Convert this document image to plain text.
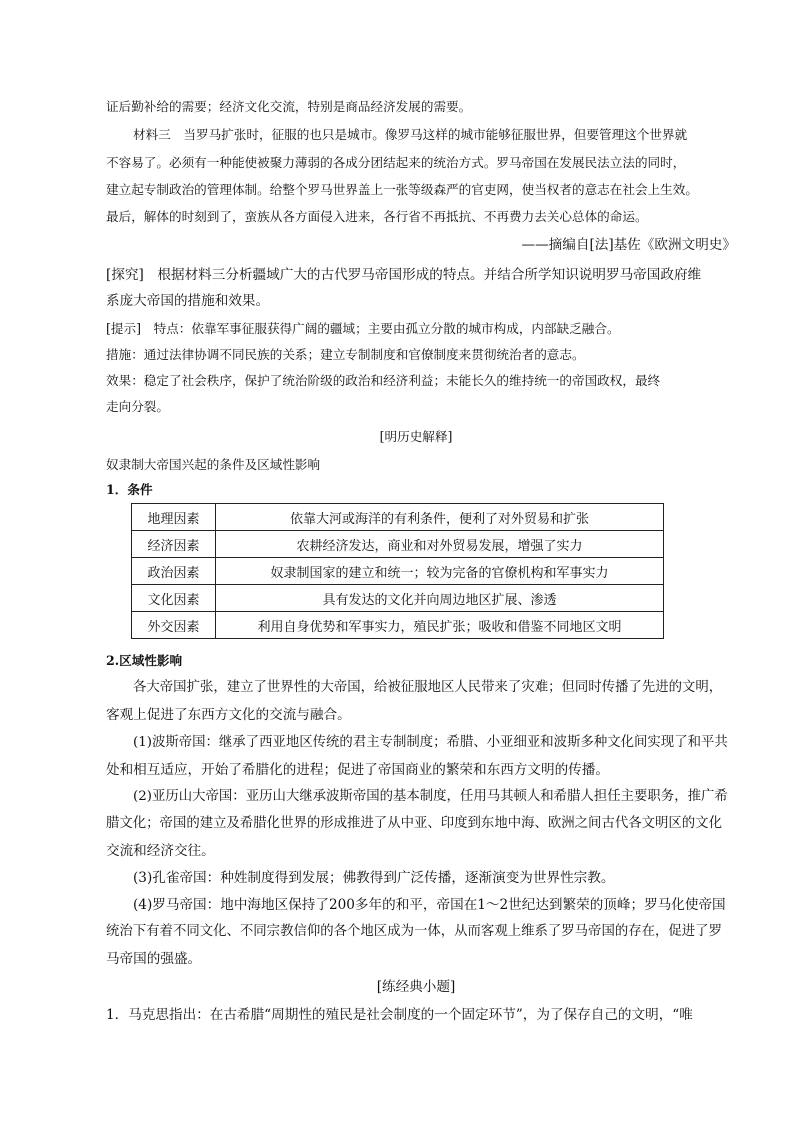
证后勤补给的需要；经济文化交流，特别是商品经济发展的需要。

材料三　当罗马扩张时，征服的也只是城市。像罗马这样的城市能够征服世界，但要管理这个世界就

不容易了。必须有一种能使被聚力薄弱的各成分团结起来的统治方式。罗马帝国在发展民法立法的同时，

建立起专制政治的管理体制。给整个罗马世界盖上一张等级森严的官吏网，使当权者的意志在社会上生效。

最后，解体的时刻到了，蛮族从各方面侵入进来，各行省不再抵抗、不再费力去关心总体的命运。

——摘编自[法]基佐《欧洲文明史》

[探究]　根据材料三分析疆域广大的古代罗马帝国形成的特点。并结合所学知识说明罗马帝国政府维

系庞大帝国的措施和效果。

[提示]　特点：依靠军事征服获得广阔的疆域；主要由孤立分散的城市构成，内部缺乏融合。

措施：通过法律协调不同民族的关系；建立专制制度和官僚制度来贯彻统治者的意志。

效果：稳定了社会秩序，保护了统治阶级的政治和经济利益；未能长久的维持统一的帝国政权，最终

走向分裂。

[明历史解释]

奴隶制大帝国兴起的条件及区域性影响

1．条件

地理因素	依靠大河或海洋的有利条件，便利了对外贸易和扩张
经济因素	农耕经济发达，商业和对外贸易发展，增强了实力
政治因素	奴隶制国家的建立和统一；较为完备的官僚机构和军事实力
文化因素	具有发达的文化并向周边地区扩展、渗透
外交因素	利用自身优势和军事实力，殖民扩张；吸收和借鉴不同地区文明

2.区域性影响

各大帝国扩张，建立了世界性的大帝国，给被征服地区人民带来了灾难；但同时传播了先进的文明，

客观上促进了东西方文化的交流与融合。

(1)波斯帝国：继承了西亚地区传统的君主专制制度；希腊、小亚细亚和波斯多种文化间实现了和平共

处和相互适应，开始了希腊化的进程；促进了帝国商业的繁荣和东西方文明的传播。

(2)亚历山大帝国：亚历山大继承波斯帝国的基本制度，任用马其顿人和希腊人担任主要职务，推广希

腊文化；帝国的建立及希腊化世界的形成推进了从中亚、印度到东地中海、欧洲之间古代各文明区的文化

交流和经济交往。

(3)孔雀帝国：种姓制度得到发展；佛教得到广泛传播，逐渐演变为世界性宗教。

(4)罗马帝国：地中海地区保持了200多年的和平，帝国在1～2世纪达到繁荣的顶峰；罗马化使帝国

统治下有着不同文化、不同宗教信仰的各个地区成为一体，从而客观上维系了罗马帝国的存在，促进了罗

马帝国的强盛。

[练经典小题]

1．马克思指出：在古希腊“周期性的殖民是社会制度的一个固定环节”，为了保存自己的文明，“唯
